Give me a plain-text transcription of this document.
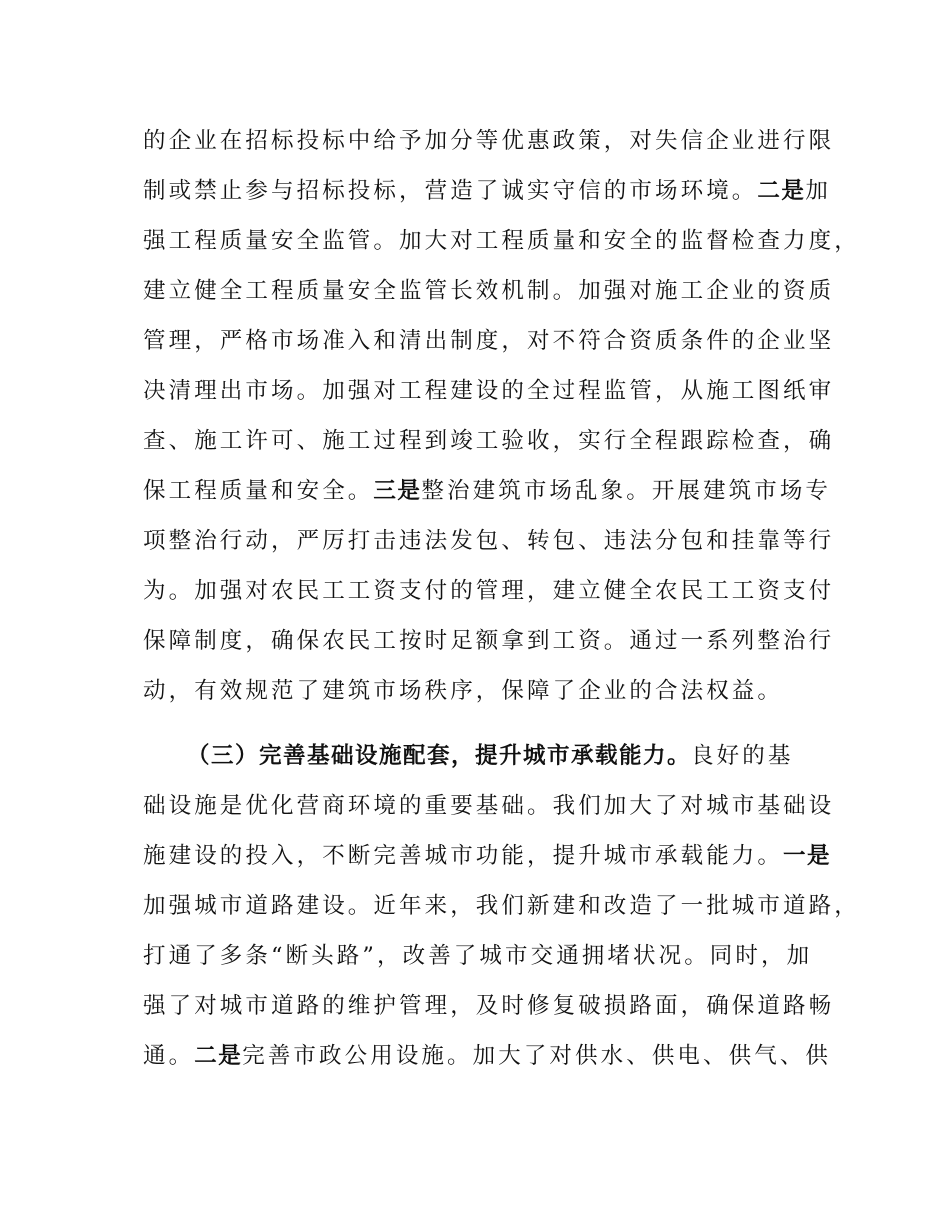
的企业在招标投标中给予加分等优惠政策，对失信企业进行限
制或禁止参与招标投标，营造了诚实守信的市场环境。二是加
强工程质量安全监管。加大对工程质量和安全的监督检查力度，
建立健全工程质量安全监管长效机制。加强对施工企业的资质
管理，严格市场准入和清出制度，对不符合资质条件的企业坚
决清理出市场。加强对工程建设的全过程监管，从施工图纸审
查、施工许可、施工过程到竣工验收，实行全程跟踪检查，确
保工程质量和安全。三是整治建筑市场乱象。开展建筑市场专
项整治行动，严厉打击违法发包、转包、违法分包和挂靠等行
为。加强对农民工工资支付的管理，建立健全农民工工资支付
保障制度，确保农民工按时足额拿到工资。通过一系列整治行
动，有效规范了建筑市场秩序，保障了企业的合法权益。
（三）完善基础设施配套，提升城市承载能力。良好的基
础设施是优化营商环境的重要基础。我们加大了对城市基础设
施建设的投入，不断完善城市功能，提升城市承载能力。一是
加强城市道路建设。近年来，我们新建和改造了一批城市道路，
打通了多条“断头路”，改善了城市交通拥堵状况。同时，加
强了对城市道路的维护管理，及时修复破损路面，确保道路畅
通。二是完善市政公用设施。加大了对供水、供电、供气、供
